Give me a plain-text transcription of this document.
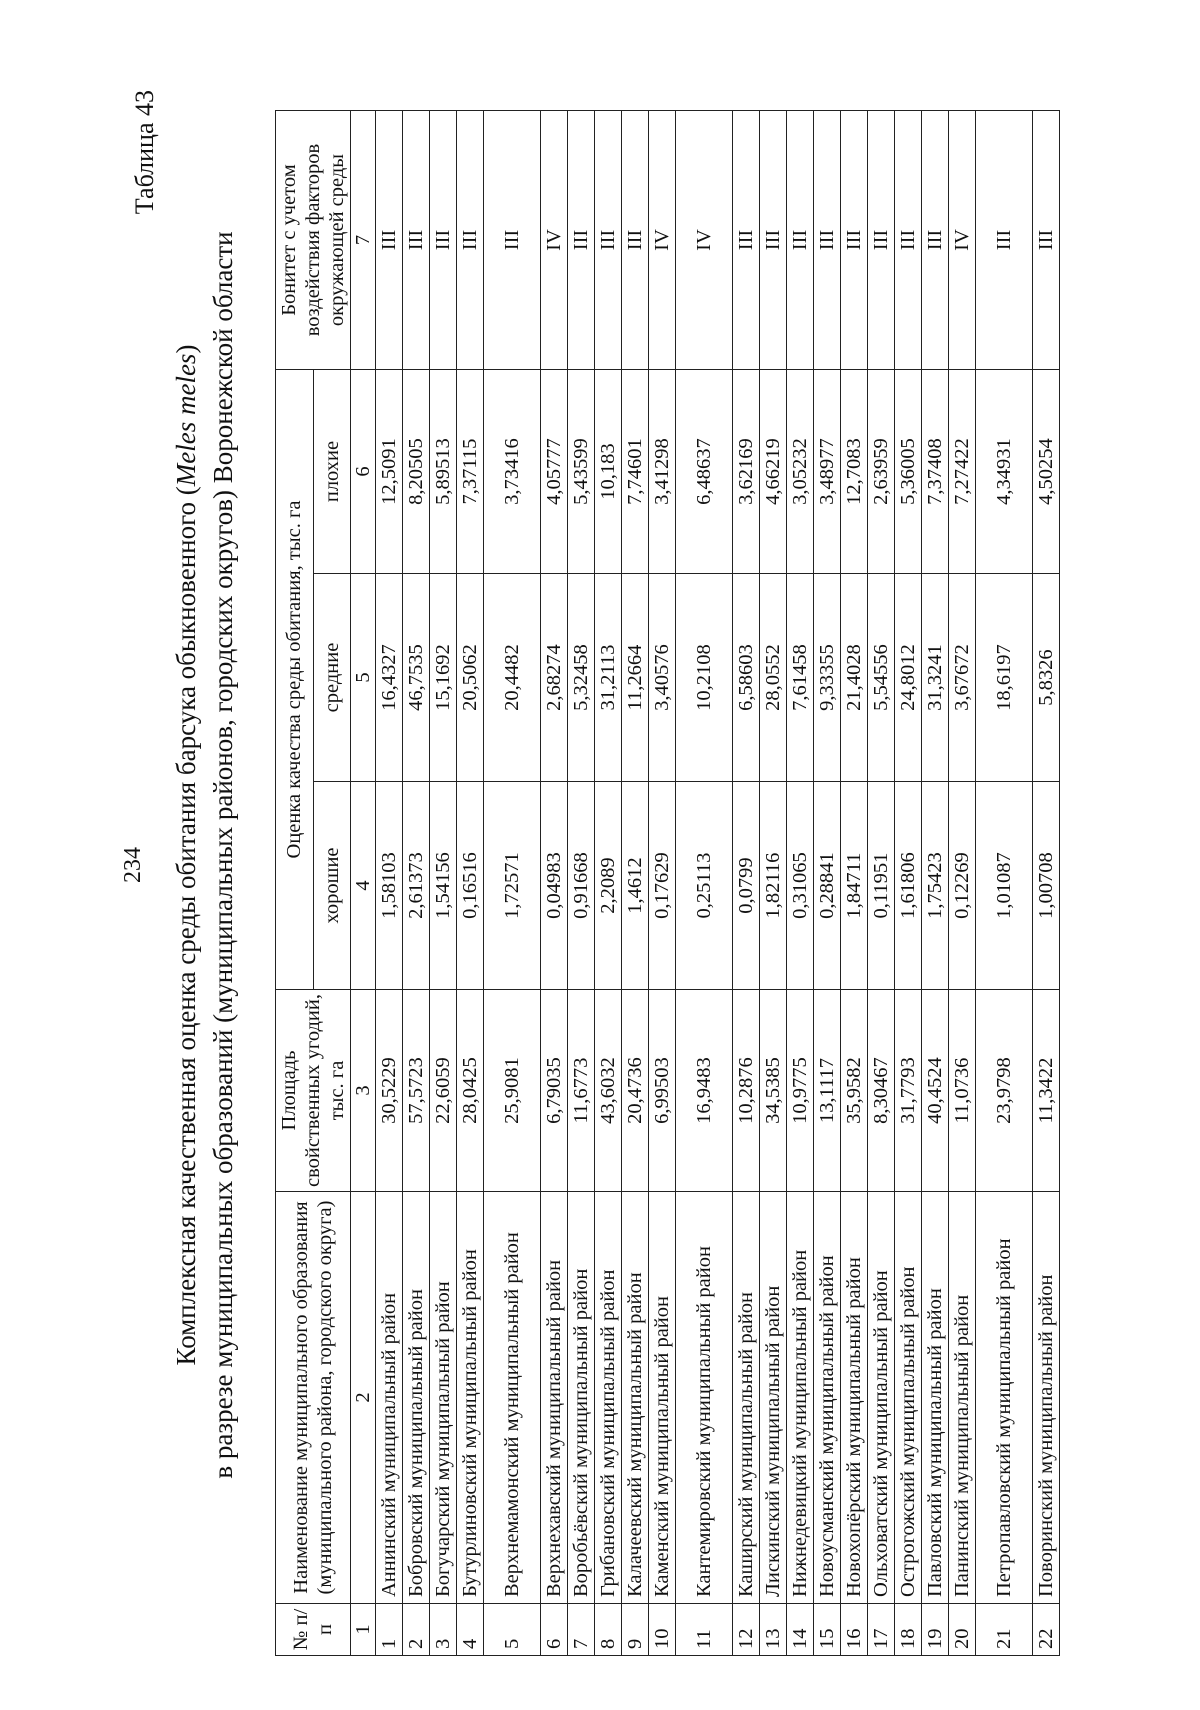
234
Таблица 43
Комплексная качественная оценка среды обитания барсука обыкновенного (Meles meles) в разрезе муниципальных образований (муниципальных районов, городских округов) Воронежской области
№ п/п	Наименование муниципального образования (муниципального района, городского округа)	Площадь свойственных угодий, тыс. га	Оценка качества среды обитания, тыс. га			Бонитет с учетом воздействия факторов окружающей среды
			хорошие	средние	плохие	
1	2	3	4	5	6	7
1	Аннинский муниципальный район	30,5229	1,58103	16,4327	12,5091	III
2	Бобровский муниципальный район	57,5723	2,61373	46,7535	8,20505	III
3	Богучарский муниципальный район	22,6059	1,54156	15,1692	5,89513	III
4	Бутурлиновский муниципальный район	28,0425	0,16516	20,5062	7,37115	III
5	Верхнемамонский муниципальный район	25,9081	1,72571	20,4482	3,73416	III
6	Верхнехавский муниципальный район	6,79035	0,04983	2,68274	4,05777	IV
7	Воробьёвский муниципальный район	11,6773	0,91668	5,32458	5,43599	III
8	Грибановский муниципальный район	43,6032	2,2089	31,2113	10,183	III
9	Калачеевский муниципальный район	20,4736	1,4612	11,2664	7,74601	III
10	Каменский муниципальный район	6,99503	0,17629	3,40576	3,41298	IV
11	Кантемировский муниципальный район	16,9483	0,25113	10,2108	6,48637	IV
12	Каширский муниципальный район	10,2876	0,0799	6,58603	3,62169	III
13	Лискинский муниципальный район	34,5385	1,82116	28,0552	4,66219	III
14	Нижнедевицкий муниципальный район	10,9775	0,31065	7,61458	3,05232	III
15	Новоусманский муниципальный район	13,1117	0,28841	9,33355	3,48977	III
16	Новохопёрский муниципальный район	35,9582	1,84711	21,4028	12,7083	III
17	Ольховатский муниципальный район	8,30467	0,11951	5,54556	2,63959	III
18	Острогожский муниципальный район	31,7793	1,61806	24,8012	5,36005	III
19	Павловский муниципальный район	40,4524	1,75423	31,3241	7,37408	III
20	Панинский муниципальный район	11,0736	0,12269	3,67672	7,27422	IV
21	Петропавловский муниципальный район	23,9798	1,01087	18,6197	4,34931	III
22	Поворинский муниципальный район	11,3422	1,00708	5,8326	4,50254	III
